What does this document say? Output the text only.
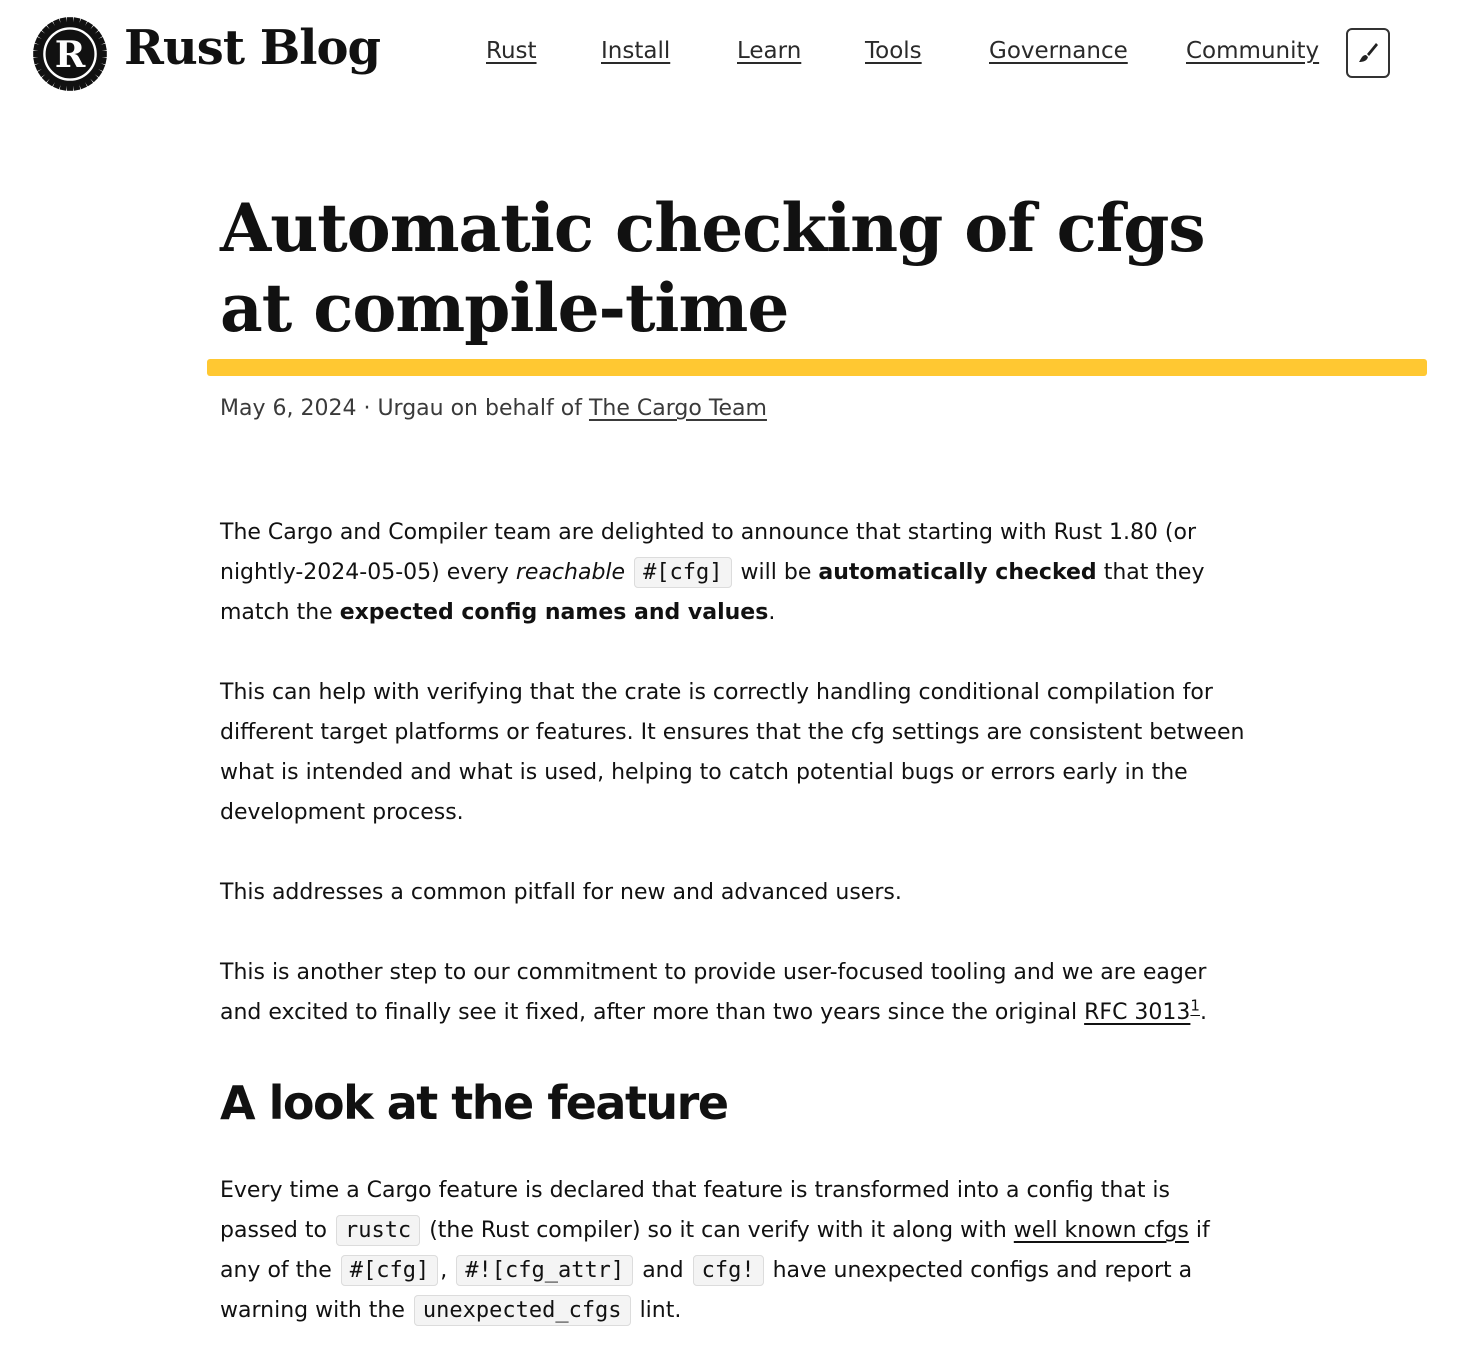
R Rust Blog	Rust	Install	Learn	Tools	Governance	Community
Automatic checking of cfgs at compile-time
May 6, 2024 · Urgau on behalf of The Cargo Team

The Cargo and Compiler team are delighted to announce that starting with Rust 1.80 (or nightly-2024-05-05) every reachable #[cfg] will be automatically checked that they match the expected config names and values.

This can help with verifying that the crate is correctly handling conditional compilation for different target platforms or features. It ensures that the cfg settings are consistent between what is intended and what is used, helping to catch potential bugs or errors early in the development process.

This addresses a common pitfall for new and advanced users.

This is another step to our commitment to provide user-focused tooling and we are eager and excited to finally see it fixed, after more than two years since the original RFC 3013$^1$.

A look at the feature

Every time a Cargo feature is declared that feature is transformed into a config that is passed to rustc (the Rust compiler) so it can verify with it along with well known cfgs if any of the #[cfg] , #![cfg_attr] and cfg! have unexpected configs and report a warning with the unexpected_cfgs lint.
